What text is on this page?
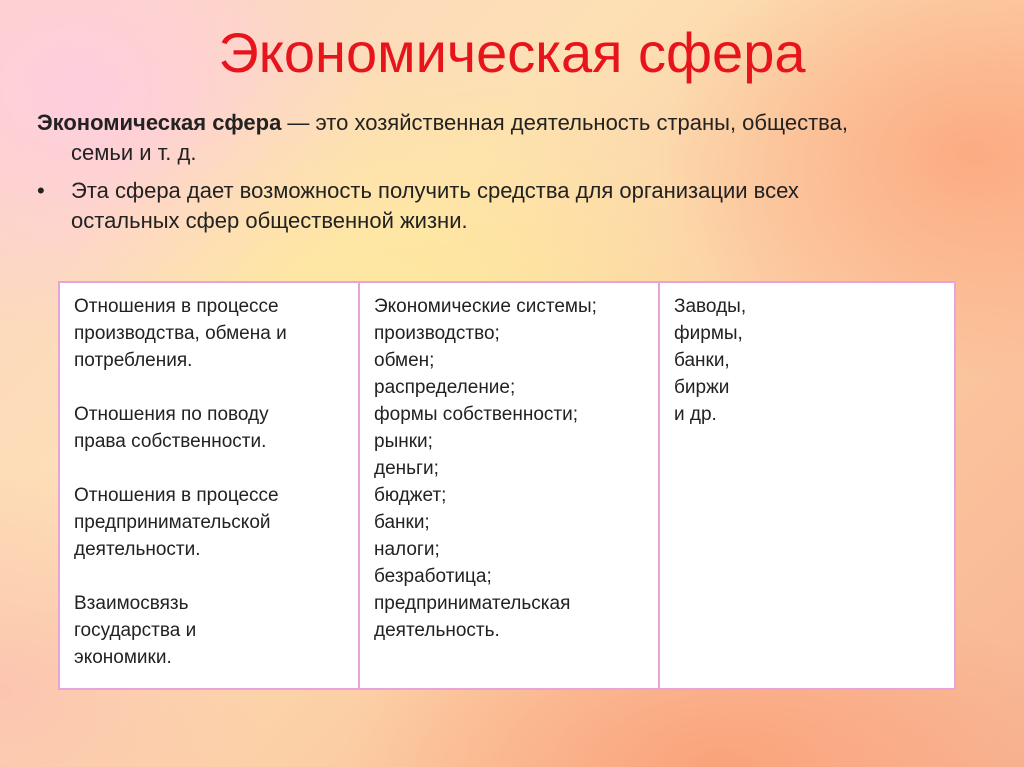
Экономическая сфера
Экономическая сфера — это хозяйственная деятельность страны, общества,
семьи и т. д.
•	Эта сфера дает возможность получить средства для организации всех
остальных сфер общественной жизни.

Отношения в процессе
производства, обмена и
потребления.

Отношения по поводу
права собственности.

Отношения в процессе
предпринимательской
деятельности.

Взаимосвязь
государства и
экономики.

Экономические системы;
производство;
обмен;
распределение;
формы собственности;
рынки;
деньги;
бюджет;
банки;
налоги;
безработица;
предпринимательская
деятельность.
Заводы,
фирмы,
банки,
биржи
и др.
